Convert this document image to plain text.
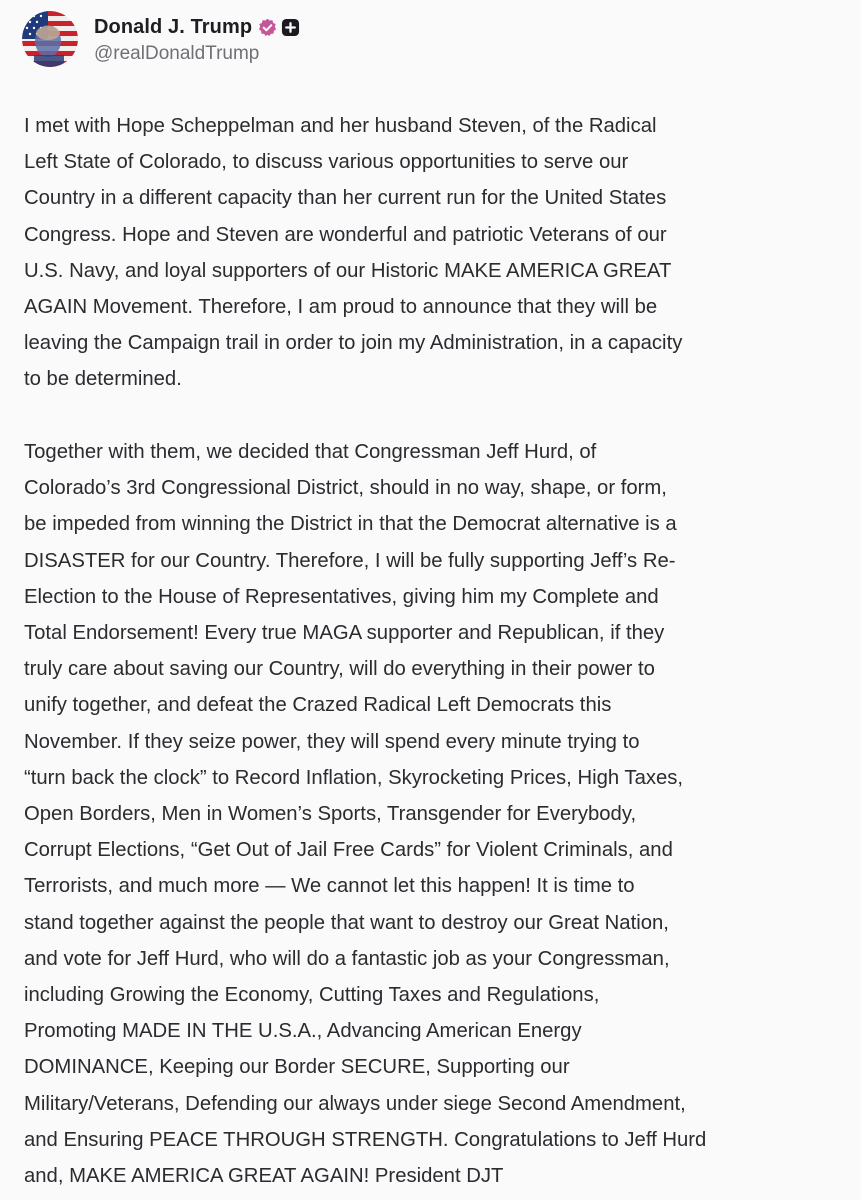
Donald J. Trump
@realDonaldTrump

I met with Hope Scheppelman and her husband Steven, of the Radical
Left State of Colorado, to discuss various opportunities to serve our
Country in a different capacity than her current run for the United States
Congress. Hope and Steven are wonderful and patriotic Veterans of our
U.S. Navy, and loyal supporters of our Historic MAKE AMERICA GREAT
AGAIN Movement. Therefore, I am proud to announce that they will be
leaving the Campaign trail in order to join my Administration, in a capacity
to be determined.

Together with them, we decided that Congressman Jeff Hurd, of
Colorado’s 3rd Congressional District, should in no way, shape, or form,
be impeded from winning the District in that the Democrat alternative is a
DISASTER for our Country. Therefore, I will be fully supporting Jeff’s Re-
Election to the House of Representatives, giving him my Complete and
Total Endorsement! Every true MAGA supporter and Republican, if they
truly care about saving our Country, will do everything in their power to
unify together, and defeat the Crazed Radical Left Democrats this
November. If they seize power, they will spend every minute trying to
“turn back the clock” to Record Inflation, Skyrocketing Prices, High Taxes,
Open Borders, Men in Women’s Sports, Transgender for Everybody,
Corrupt Elections, “Get Out of Jail Free Cards” for Violent Criminals, and
Terrorists, and much more — We cannot let this happen! It is time to
stand together against the people that want to destroy our Great Nation,
and vote for Jeff Hurd, who will do a fantastic job as your Congressman,
including Growing the Economy, Cutting Taxes and Regulations,
Promoting MADE IN THE U.S.A., Advancing American Energy
DOMINANCE, Keeping our Border SECURE, Supporting our
Military/Veterans, Defending our always under siege Second Amendment,
and Ensuring PEACE THROUGH STRENGTH. Congratulations to Jeff Hurd
and, MAKE AMERICA GREAT AGAIN! President DJT
